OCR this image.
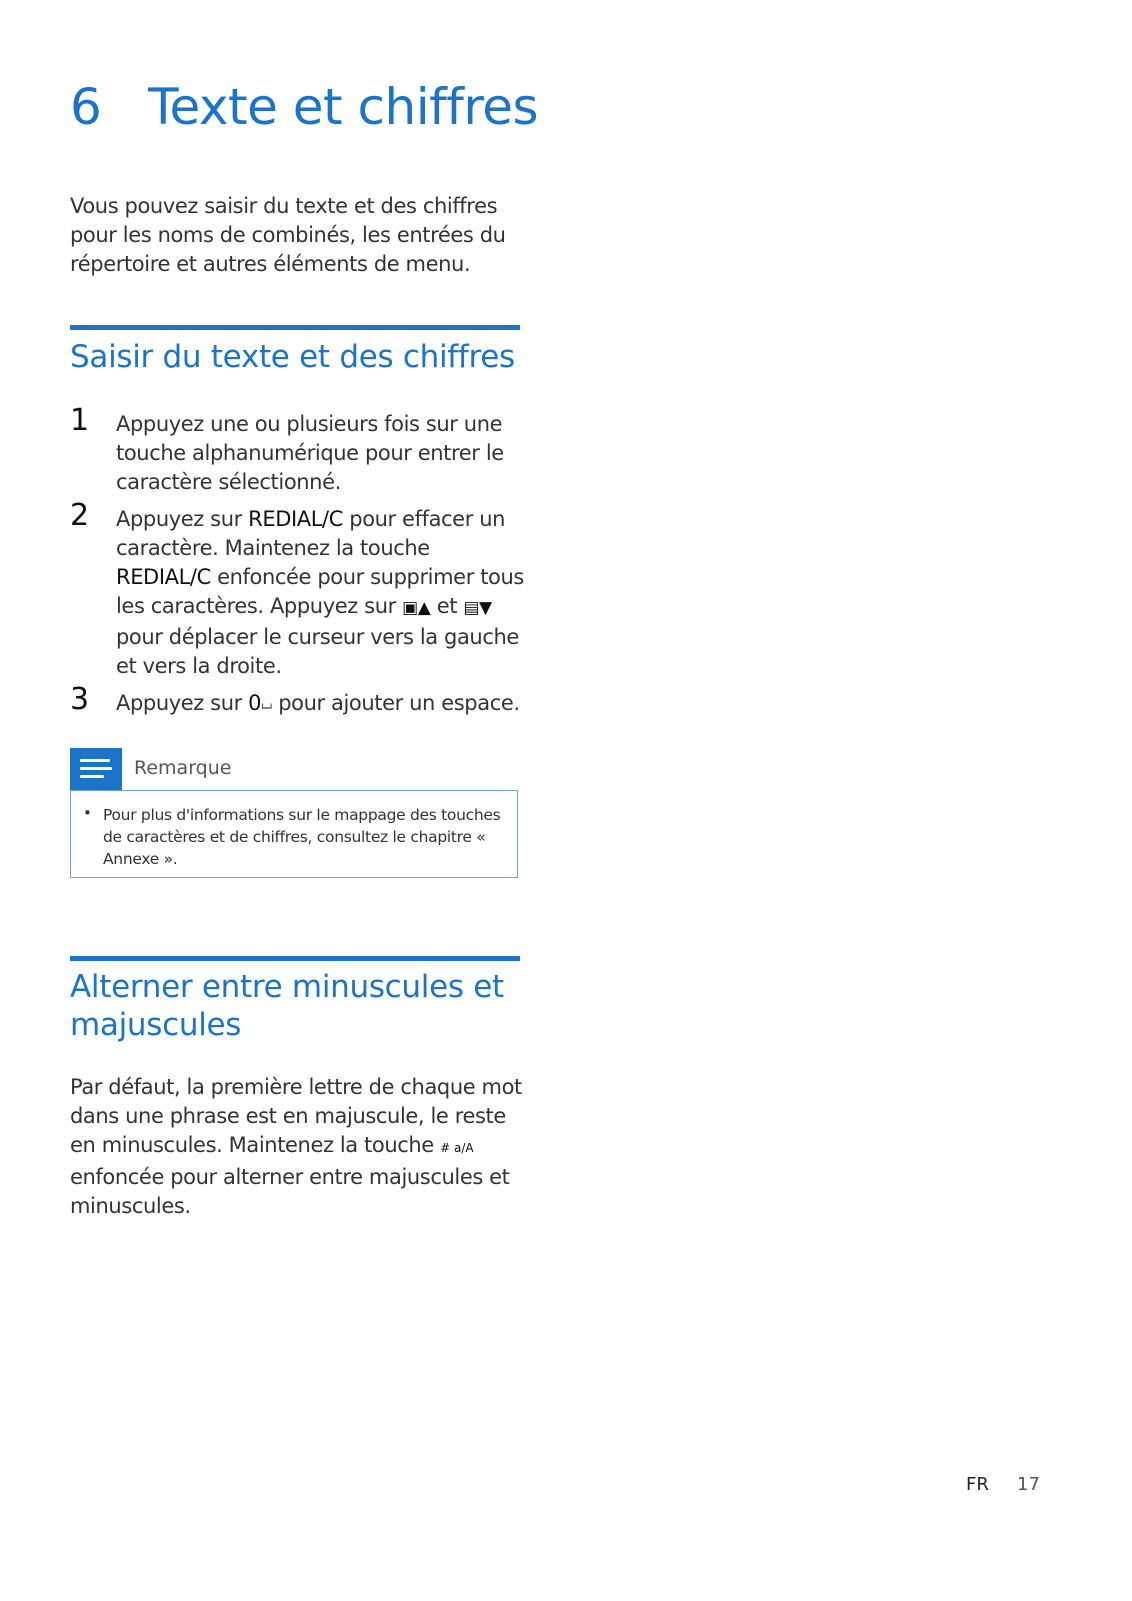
6 Texte et chiffres

Vous pouvez saisir du texte et des chiffres pour les noms de combinés, les entrées du répertoire et autres éléments de menu.

Saisir du texte et des chiffres
1 Appuyez une ou plusieurs fois sur une touche alphanumérique pour entrer le caractère sélectionné.
2 Appuyez sur REDIAL/C pour effacer un caractère. Maintenez la touche REDIAL/C enfoncée pour supprimer tous les caractères. Appuyez sur ▣▲ et ▤▼ pour déplacer le curseur vers la gauche et vers la droite.
3 Appuyez sur 0⏘ pour ajouter un espace.
Remarque
• Pour plus d'informations sur le mappage des touches de caractères et de chiffres, consultez le chapitre « Annexe ».

Alterner entre minuscules et majuscules

Par défaut, la première lettre de chaque mot dans une phrase est en majuscule, le reste en minuscules. Maintenez la touche # a/A enfoncée pour alterner entre majuscules et minuscules.

FR 17
